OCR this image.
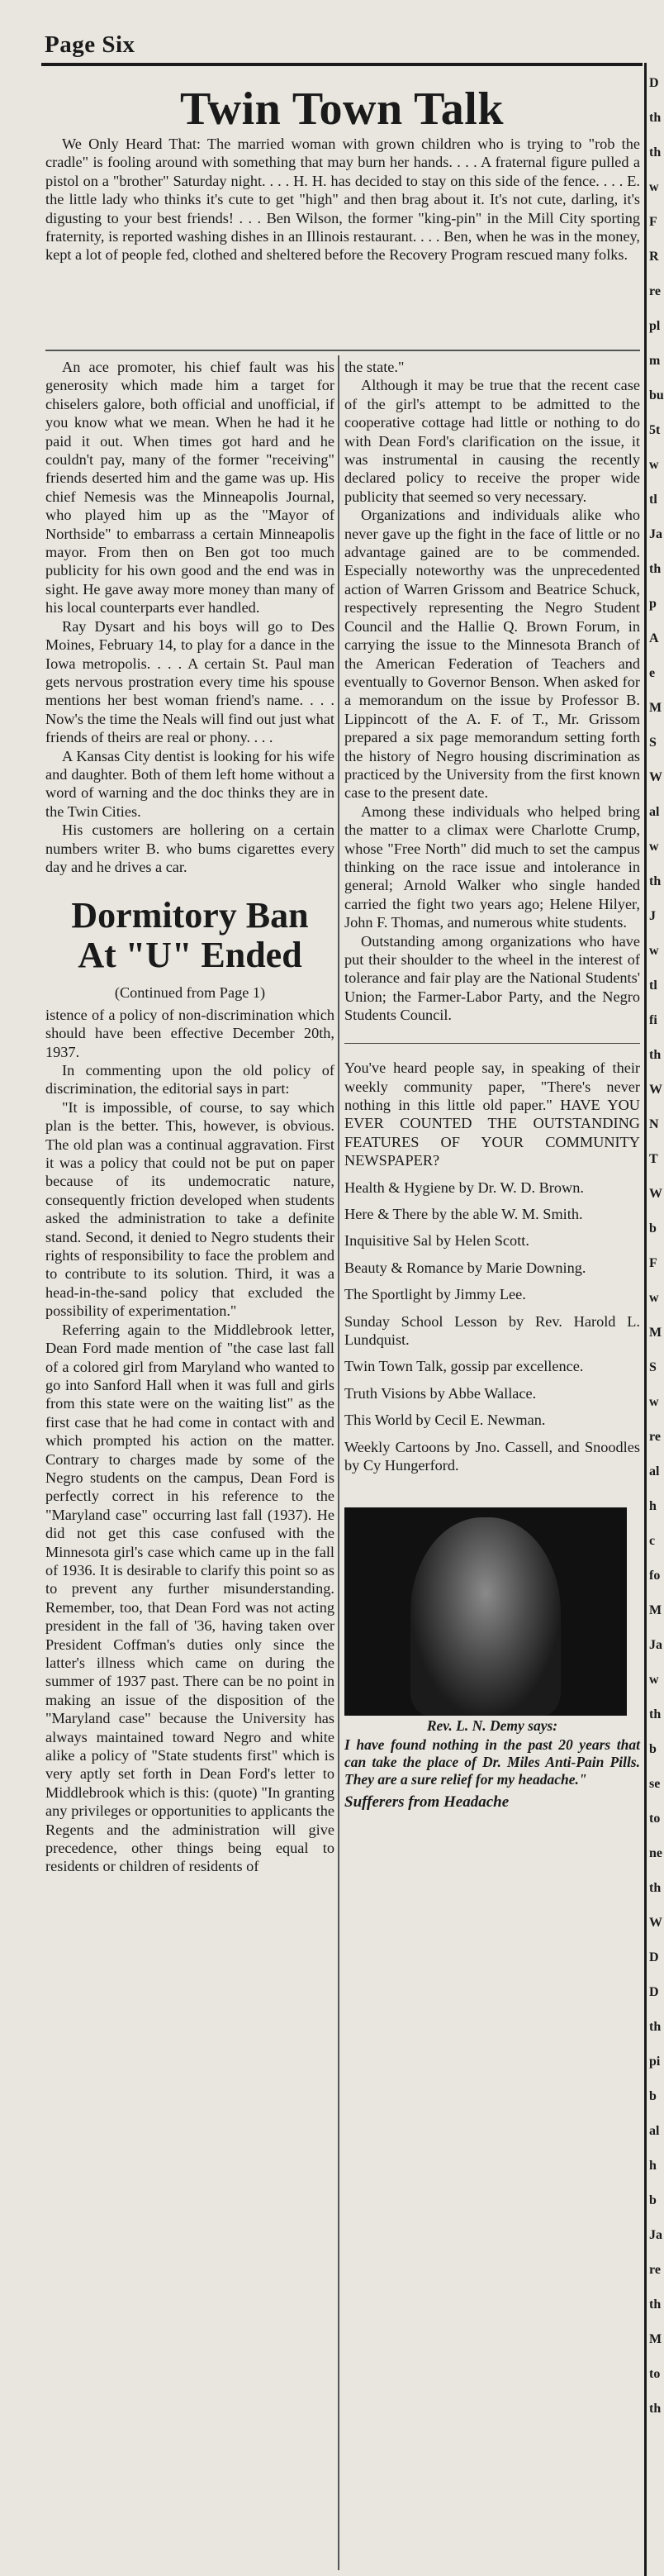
Page Six
D
th
th
w
F
R
re
pl
m
bu
5t
w
tl
Ja
th
p
A
e
M
S
W
al
w
th
J
w
tl
fi
th
W
N
T
W
b
F
w
M
S
w
re
al
h
c
fo
M
Ja
w
th
b
se
to
ne
th
W
D
D
th
pi
b
al
h
b
Ja
re
th
M
to
th
Twin Town Talk

We Only Heard That: The married woman with grown children who is trying to "rob the cradle" is fooling around with something that may burn her hands. . . . A fraternal figure pulled a pistol on a "brother" Saturday night. . . . H. H. has decided to stay on this side of the fence. . . . E. the little lady who thinks it's cute to get "high" and then brag about it. It's not cute, darling, it's digusting to your best friends! . . . Ben Wilson, the former "king-pin" in the Mill City sporting fraternity, is reported washing dishes in an Illinois restaurant. . . . Ben, when he was in the money, kept a lot of people fed, clothed and sheltered before the Recovery Program rescued many folks.

An ace promoter, his chief fault was his generosity which made him a target for chiselers galore, both official and unofficial, if you know what we mean. When he had it he paid it out. When times got hard and he couldn't pay, many of the former "receiving" friends deserted him and the game was up. His chief Nemesis was the Minneapolis Journal, who played him up as the "Mayor of Northside" to embarrass a certain Minneapolis mayor. From then on Ben got too much publicity for his own good and the end was in sight. He gave away more money than many of his local counterparts ever handled.

Ray Dysart and his boys will go to Des Moines, February 14, to play for a dance in the Iowa metropolis. . . . A certain St. Paul man gets nervous prostration every time his spouse mentions her best woman friend's name. . . . Now's the time the Neals will find out just what friends of theirs are real or phony. . . .

A Kansas City dentist is looking for his wife and daughter. Both of them left home without a word of warning and the doc thinks they are in the Twin Cities.

His customers are hollering on a certain numbers writer B. who bums cigarettes every day and he drives a car.

Dormitory Ban
At "U" Ended

(Continued from Page 1)

istence of a policy of non-discrimination which should have been effective December 20th, 1937.

In commenting upon the old policy of discrimination, the editorial says in part:

"It is impossible, of course, to say which plan is the better. This, however, is obvious. The old plan was a continual aggravation. First it was a policy that could not be put on paper because of its undemocratic nature, consequently friction developed when students asked the administration to take a definite stand. Second, it denied to Negro students their rights of responsibility to face the problem and to contribute to its solution. Third, it was a head-in-the-sand policy that excluded the possibility of experimentation."

Referring again to the Middlebrook letter, Dean Ford made mention of "the case last fall of a colored girl from Maryland who wanted to go into Sanford Hall when it was full and girls from this state were on the waiting list" as the first case that he had come in contact with and which prompted his action on the matter. Contrary to charges made by some of the Negro students on the campus, Dean Ford is perfectly correct in his reference to the "Maryland case" occurring last fall (1937). He did not get this case confused with the Minnesota girl's case which came up in the fall of 1936. It is desirable to clarify this point so as to prevent any further misunderstanding. Remember, too, that Dean Ford was not acting president in the fall of '36, having taken over President Coffman's duties only since the latter's illness which came on during the summer of 1937 past. There can be no point in making an issue of the disposition of the "Maryland case" because the University has always maintained toward Negro and white alike a policy of "State students first" which is very aptly set forth in Dean Ford's letter to Middlebrook which is this: (quote) "In granting any privileges or opportunities to applicants the Regents and the administration will give precedence, other things being equal to residents or children of residents of

the state."

Although it may be true that the recent case of the girl's attempt to be admitted to the cooperative cottage had little or nothing to do with Dean Ford's clarification on the issue, it was instrumental in causing the recently declared policy to receive the proper wide publicity that seemed so very necessary.

Organizations and individuals alike who never gave up the fight in the face of little or no advantage gained are to be commended. Especially noteworthy was the unprecedented action of Warren Grissom and Beatrice Schuck, respectively representing the Negro Student Council and the Hallie Q. Brown Forum, in carrying the issue to the Minnesota Branch of the American Federation of Teachers and eventually to Governor Benson. When asked for a memorandum on the issue by Professor B. Lippincott of the A. F. of T., Mr. Grissom prepared a six page memorandum setting forth the history of Negro housing discrimination as practiced by the University from the first known case to the present date.

Among these individuals who helped bring the matter to a climax were Charlotte Crump, whose "Free North" did much to set the campus thinking on the race issue and intolerance in general; Arnold Walker who single handed carried the fight two years ago; Helene Hilyer, John F. Thomas, and numerous white students.

Outstanding among organizations who have put their shoulder to the wheel in the interest of tolerance and fair play are the National Students' Union; the Farmer-Labor Party, and the Negro Students Council.

You've heard people say, in speaking of their weekly community paper, "There's never nothing in this little old paper." HAVE YOU EVER COUNTED THE OUTSTANDING FEATURES OF YOUR COMMUNITY NEWSPAPER?

Health & Hygiene by Dr. W. D. Brown.

Here & There by the able W. M. Smith.

Inquisitive Sal by Helen Scott.

Beauty & Romance by Marie Downing.

The Sportlight by Jimmy Lee.

Sunday School Lesson by Rev. Harold L. Lundquist.

Twin Town Talk, gossip par excellence.

Truth Visions by Abbe Wallace.

This World by Cecil E. Newman.

Weekly Cartoons by Jno. Cassell, and Snoodles by Cy Hungerford.

Rev. L. N. Demy says:

I have found nothing in the past 20 years that can take the place of Dr. Miles Anti-Pain Pills. They are a sure relief for my headache."

Sufferers from Headache
